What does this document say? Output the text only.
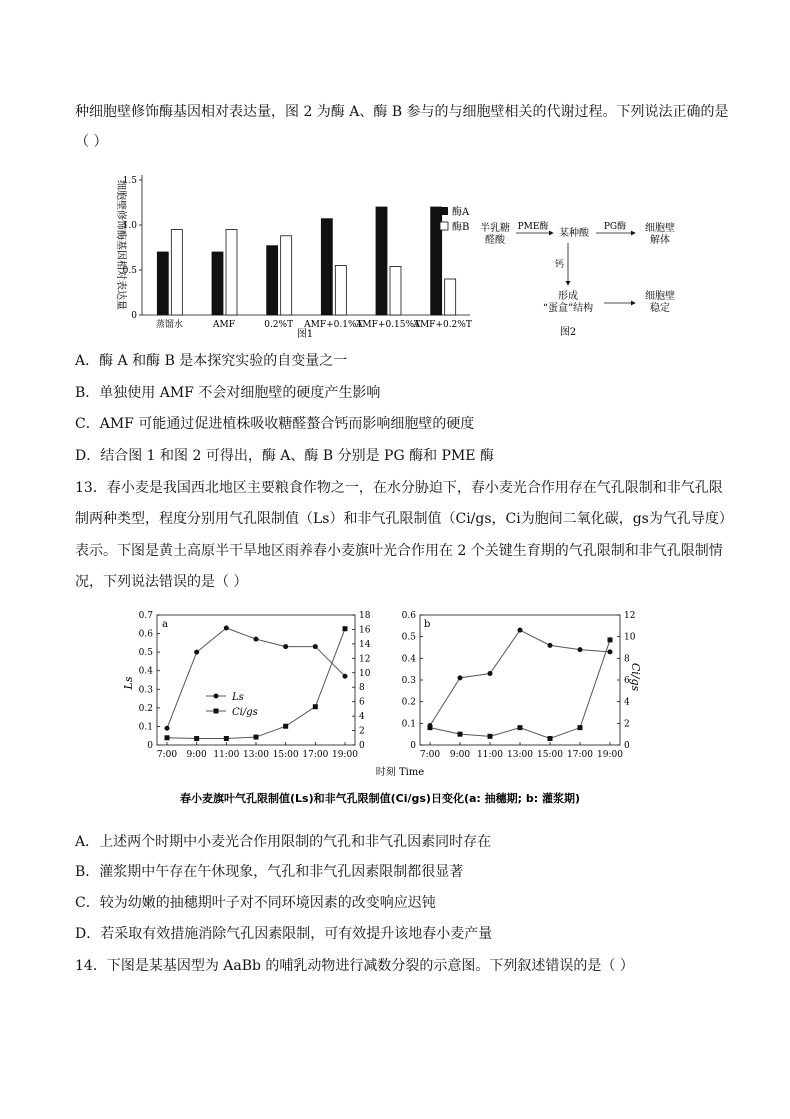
种细胞壁修饰酶基因相对表达量，图 2 为酶 A、酶 B 参与的与细胞壁相关的代谢过程。下列说法正确的是
（ ）
0
0.5
1.0
1.5
蒸馏水	AMF	0.2%T AMF+0.1%T
AMF+0.15%T
AMF+0.2%T
细胞壁修饰酶基因相对表达量
图1
酶A
酶B 半乳糖
醛酸
PME酶
某种酸
PG酶 细胞壁
解体
钙
形成
“蛋盒”结构
细胞壁
稳定
图2
A．酶 A 和酶 B 是本探究实验的自变量之一
B．单独使用 AMF 不会对细胞壁的硬度产生影响
C．AMF 可能通过促进植株吸收糖醛螯合钙而影响细胞壁的硬度
D．结合图 1 和图 2 可得出，酶 A、酶 B 分别是 PG 酶和 PME 酶
13．春小麦是我国西北地区主要粮食作物之一，在水分胁迫下，春小麦光合作用存在气孔限制和非气孔限
制两种类型，程度分别用气孔限制值（Ls）和非气孔限制值（Ci/gs，Ci为胞间二氧化碳，gs为气孔导度）
表示。下图是黄土高原半干旱地区雨养春小麦旗叶光合作用在 2 个关键生育期的气孔限制和非气孔限制情
况，下列说法错误的是（ ）
0
0.1
0.2
0.3
0.4
0.5
0.6
0.7
0
2
4
6
8
10
12
14
16
18
7:00 9:00 11:00 13:00 15:00 17:00 19:00
0
0.1
0.2
0.3
0.4
0.5
0.6
0
2
4
6
8
10
12
7:00 9:00 11:00 13:00 15:00 17:00 19:00
Ls	Ci/gs
a	b
时刻 Time
Ls
Ci/gs
春小麦旗叶气孔限制值(Ls)和非气孔限制值(Ci/gs)日变化(a: 抽穗期; b: 灌浆期)
A．上述两个时期中小麦光合作用限制的气孔和非气孔因素同时存在
B．灌浆期中午存在午休现象，气孔和非气孔因素限制都很显著
C．较为幼嫩的抽穗期叶子对不同环境因素的改变响应迟钝
D．若采取有效措施消除气孔因素限制，可有效提升该地春小麦产量
14．下图是某基因型为 AaBb 的哺乳动物进行减数分裂的示意图。下列叙述错误的是（ ）
